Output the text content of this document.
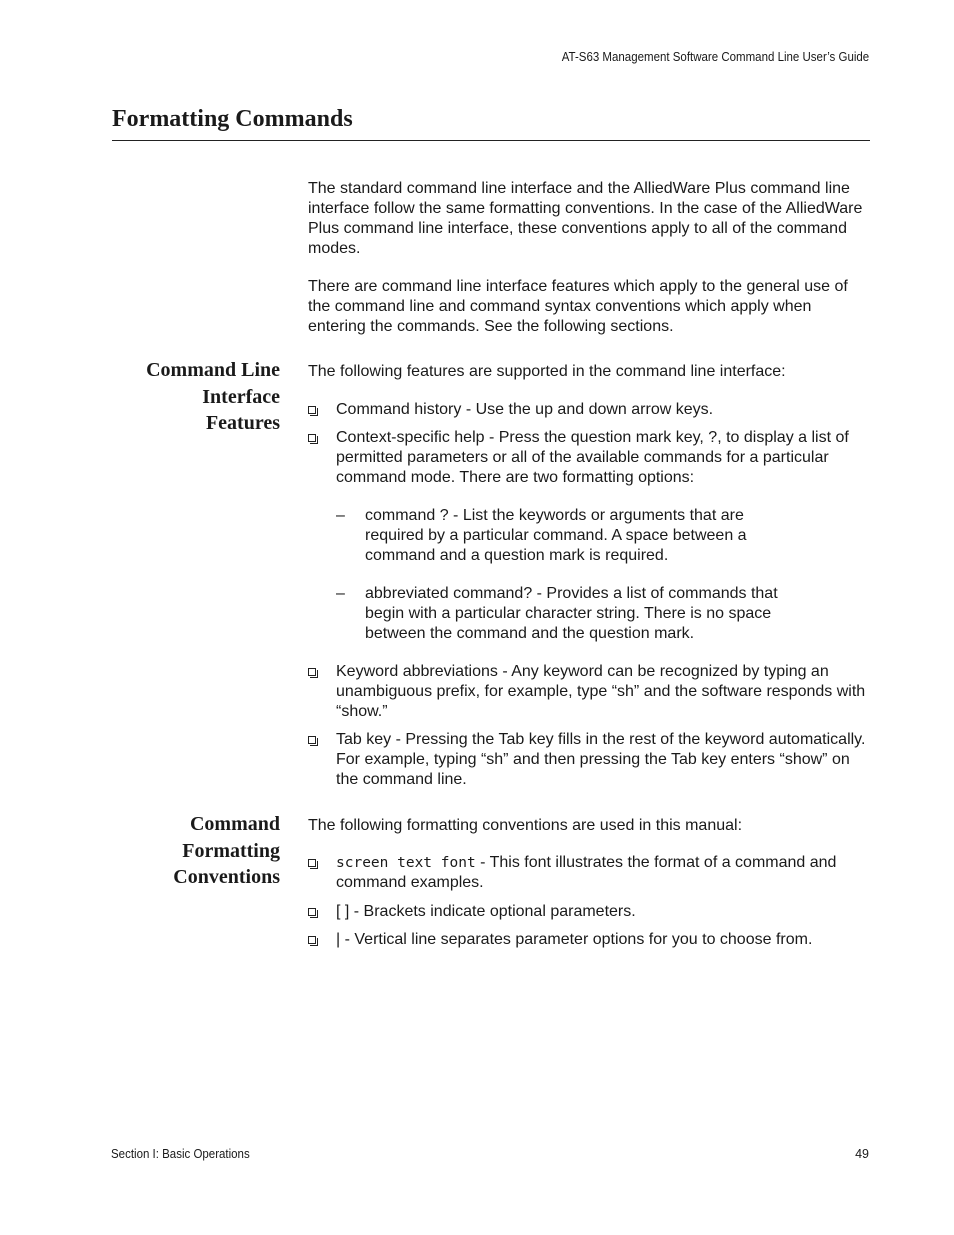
AT-S63 Management Software Command Line User’s Guide
Formatting Commands

The standard command line interface and the AlliedWare Plus command line interface follow the same formatting conventions. In the case of the AlliedWare Plus command line interface, these conventions apply to all of the command modes.

There are command line interface features which apply to the general use of the command line and command syntax conventions which apply when entering the commands. See the following sections.

Command Line
Interface
Features

The following features are supported in the command line interface:

Command history - Use the up and down arrow keys.
Context-specific help - Press the question mark key, ?, to display a list of permitted parameters or all of the available commands for a particular command mode. There are two formatting options:
– command ? - List the keywords or arguments that are required by a particular command. A space between a command and a question mark is required.
– abbreviated command? - Provides a list of commands that begin with a particular character string. There is no space between the command and the question mark.
Keyword abbreviations - Any keyword can be recognized by typing an unambiguous prefix, for example, type “sh” and the software responds with “show.”
Tab key - Pressing the Tab key fills in the rest of the keyword automatically. For example, typing “sh” and then pressing the Tab key enters “show” on the command line.
Command
Formatting
Conventions

The following formatting conventions are used in this manual:

screen text font - This font illustrates the format of a command and command examples.
[ ] - Brackets indicate optional parameters.
| - Vertical line separates parameter options for you to choose from.
Section I: Basic Operations	49
